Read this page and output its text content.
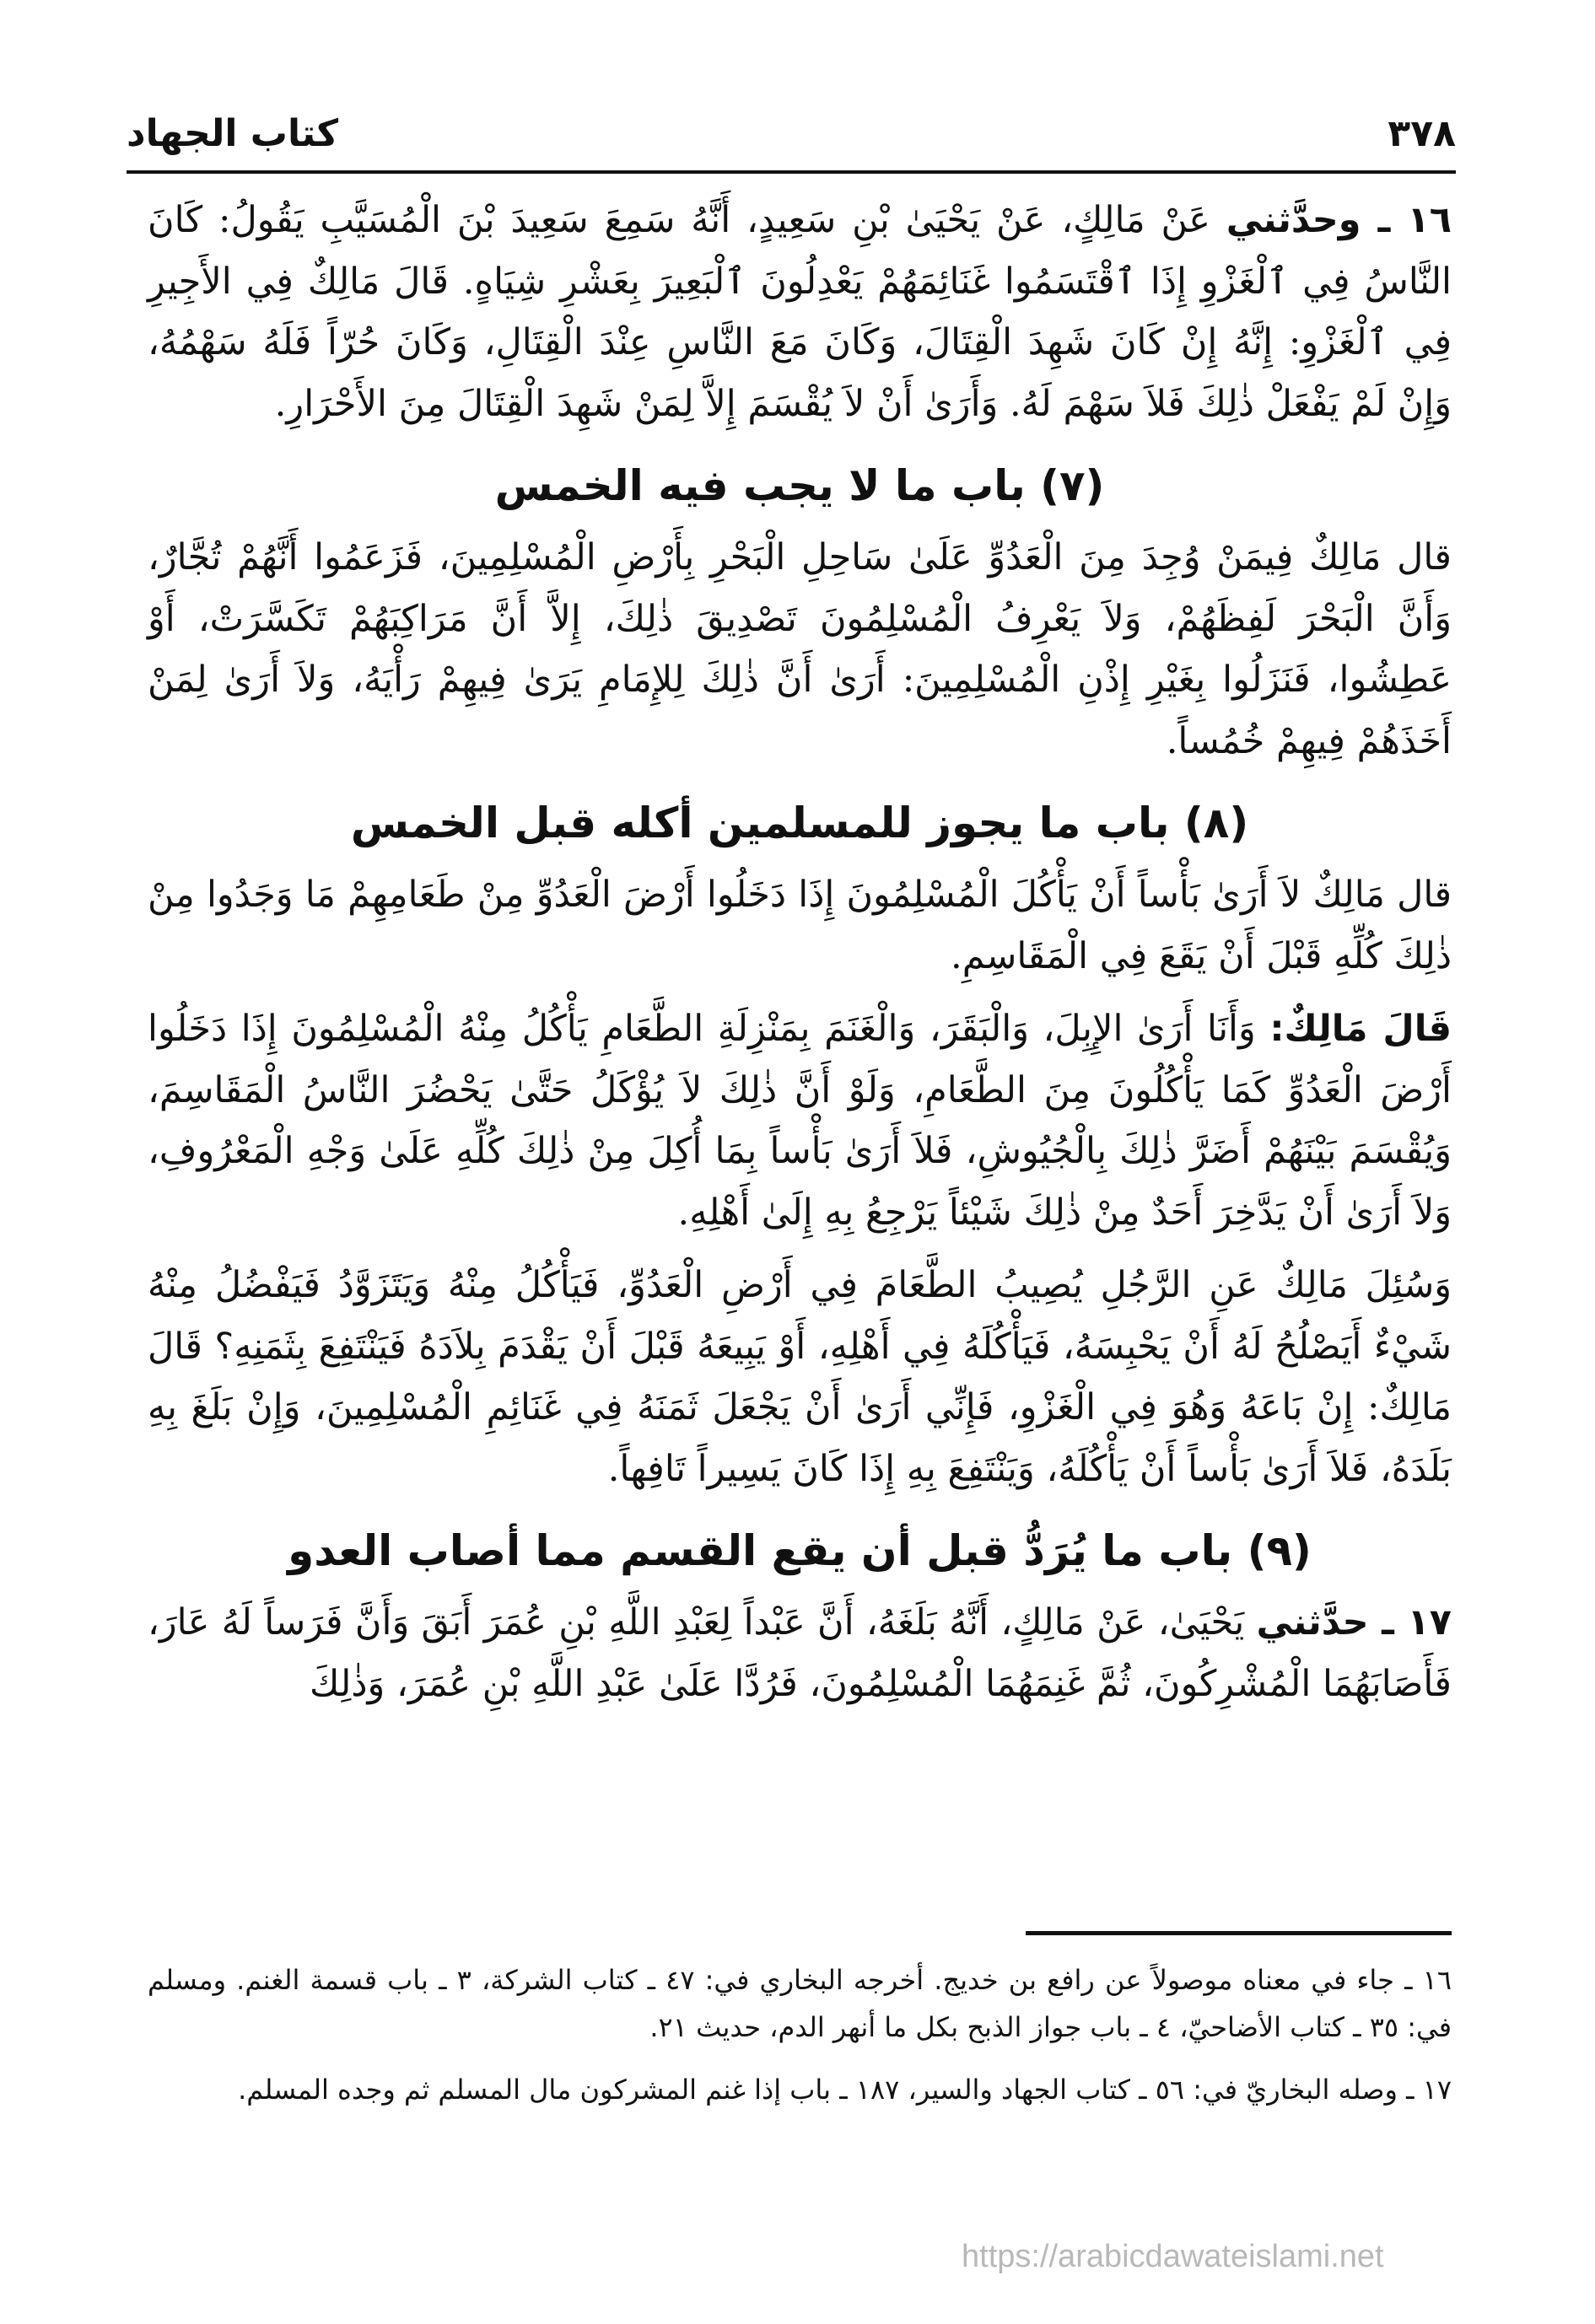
٣٧٨
كتاب الجهاد

١٦ ـ وحدَّثني عَنْ مَالِكٍ، عَنْ يَحْيَىٰ بْنِ سَعِيدٍ، أَنَّهُ سَمِعَ سَعِيدَ بْنَ الْمُسَيَّبِ يَقُولُ: كَانَ النَّاسُ فِي ٱلْغَزْوِ إِذَا ٱقْتَسَمُوا غَنَائِمَهُمْ يَعْدِلُونَ ٱلْبَعِيرَ بِعَشْرِ شِيَاهٍ. قَالَ مَالِكٌ فِي الأَجِيرِ فِي ٱلْغَزْوِ: إِنَّهُ إِنْ كَانَ شَهِدَ الْقِتَالَ، وَكَانَ مَعَ النَّاسِ عِنْدَ الْقِتَالِ، وَكَانَ حُرّاً فَلَهُ سَهْمُهُ، وَإِنْ لَمْ يَفْعَلْ ذٰلِكَ فَلاَ سَهْمَ لَهُ. وَأَرَىٰ أَنْ لاَ يُقْسَمَ إِلاَّ لِمَنْ شَهِدَ الْقِتَالَ مِنَ الأَحْرَارِ.

(٧) باب ما لا يجب فيه الخمس

قال مَالِكٌ فِيمَنْ وُجِدَ مِنَ الْعَدُوِّ عَلَىٰ سَاحِلِ الْبَحْرِ بِأَرْضِ الْمُسْلِمِينَ، فَزَعَمُوا أَنَّهُمْ تُجَّارٌ، وَأَنَّ الْبَحْرَ لَفِظَهُمْ، وَلاَ يَعْرِفُ الْمُسْلِمُونَ تَصْدِيقَ ذٰلِكَ، إِلاَّ أَنَّ مَرَاكِبَهُمْ تَكَسَّرَتْ، أَوْ عَطِشُوا، فَنَزَلُوا بِغَيْرِ إِذْنِ الْمُسْلِمِينَ: أَرَىٰ أَنَّ ذٰلِكَ لِلإِمَامِ يَرَىٰ فِيهِمْ رَأْيَهُ، وَلاَ أَرَىٰ لِمَنْ أَخَذَهُمْ فِيهِمْ خُمُساً.

(٨) باب ما يجوز للمسلمين أكله قبل الخمس

قال مَالِكٌ لاَ أَرَىٰ بَأْساً أَنْ يَأْكُلَ الْمُسْلِمُونَ إِذَا دَخَلُوا أَرْضَ الْعَدُوِّ مِنْ طَعَامِهِمْ مَا وَجَدُوا مِنْ ذٰلِكَ كُلِّهِ قَبْلَ أَنْ يَقَعَ فِي الْمَقَاسِمِ.

قَالَ مَالِكٌ: وَأَنَا أَرَىٰ الإِبِلَ، وَالْبَقَرَ، وَالْغَنَمَ بِمَنْزِلَةِ الطَّعَامِ يَأْكُلُ مِنْهُ الْمُسْلِمُونَ إِذَا دَخَلُوا أَرْضَ الْعَدُوِّ كَمَا يَأْكُلُونَ مِنَ الطَّعَامِ، وَلَوْ أَنَّ ذٰلِكَ لاَ يُؤْكَلُ حَتَّىٰ يَحْضُرَ النَّاسُ الْمَقَاسِمَ، وَيُقْسَمَ بَيْنَهُمْ أَضَرَّ ذٰلِكَ بِالْجُيُوشِ، فَلاَ أَرَىٰ بَأْساً بِمَا أُكِلَ مِنْ ذٰلِكَ كُلِّهِ عَلَىٰ وَجْهِ الْمَعْرُوفِ، وَلاَ أَرَىٰ أَنْ يَدَّخِرَ أَحَدٌ مِنْ ذٰلِكَ شَيْئاً يَرْجِعُ بِهِ إِلَىٰ أَهْلِهِ.

وَسُئِلَ مَالِكٌ عَنِ الرَّجُلِ يُصِيبُ الطَّعَامَ فِي أَرْضِ الْعَدُوِّ، فَيَأْكُلُ مِنْهُ وَيَتَزَوَّدُ فَيَفْضُلُ مِنْهُ شَيْءٌ أَيَصْلُحُ لَهُ أَنْ يَحْبِسَهُ، فَيَأْكُلَهُ فِي أَهْلِهِ، أَوْ يَبِيعَهُ قَبْلَ أَنْ يَقْدَمَ بِلاَدَهُ فَيَنْتَفِعَ بِثَمَنِهِ؟ قَالَ مَالِكٌ: إِنْ بَاعَهُ وَهُوَ فِي الْغَزْوِ، فَإِنِّي أَرَىٰ أَنْ يَجْعَلَ ثَمَنَهُ فِي غَنَائِمِ الْمُسْلِمِينَ، وَإِنْ بَلَغَ بِهِ بَلَدَهُ، فَلاَ أَرَىٰ بَأْساً أَنْ يَأْكُلَهُ، وَيَنْتَفِعَ بِهِ إِذَا كَانَ يَسِيراً تَافِهاً.

(٩) باب ما يُرَدُّ قبل أن يقع القسم مما أصاب العدو

١٧ ـ حدَّثني يَحْيَىٰ، عَنْ مَالِكٍ، أَنَّهُ بَلَغَهُ، أَنَّ عَبْداً لِعَبْدِ اللَّهِ بْنِ عُمَرَ أَبَقَ وَأَنَّ فَرَساً لَهُ عَارَ، فَأَصَابَهُمَا الْمُشْرِكُونَ، ثُمَّ غَنِمَهُمَا الْمُسْلِمُونَ، فَرُدَّا عَلَىٰ عَبْدِ اللَّهِ بْنِ عُمَرَ، وَذٰلِكَ

١٦ ـ جاء في معناه موصولاً عن رافع بن خديج. أخرجه البخاري في: ٤٧ ـ كتاب الشركة، ٣ ـ باب قسمة الغنم. ومسلم في: ٣٥ ـ كتاب الأضاحيّ، ٤ ـ باب جواز الذبح بكل ما أنهر الدم، حديث ٢١.

١٧ ـ وصله البخاريّ في: ٥٦ ـ كتاب الجهاد والسير، ١٨٧ ـ باب إذا غنم المشركون مال المسلم ثم وجده المسلم.

https://arabicdawateislami.net
